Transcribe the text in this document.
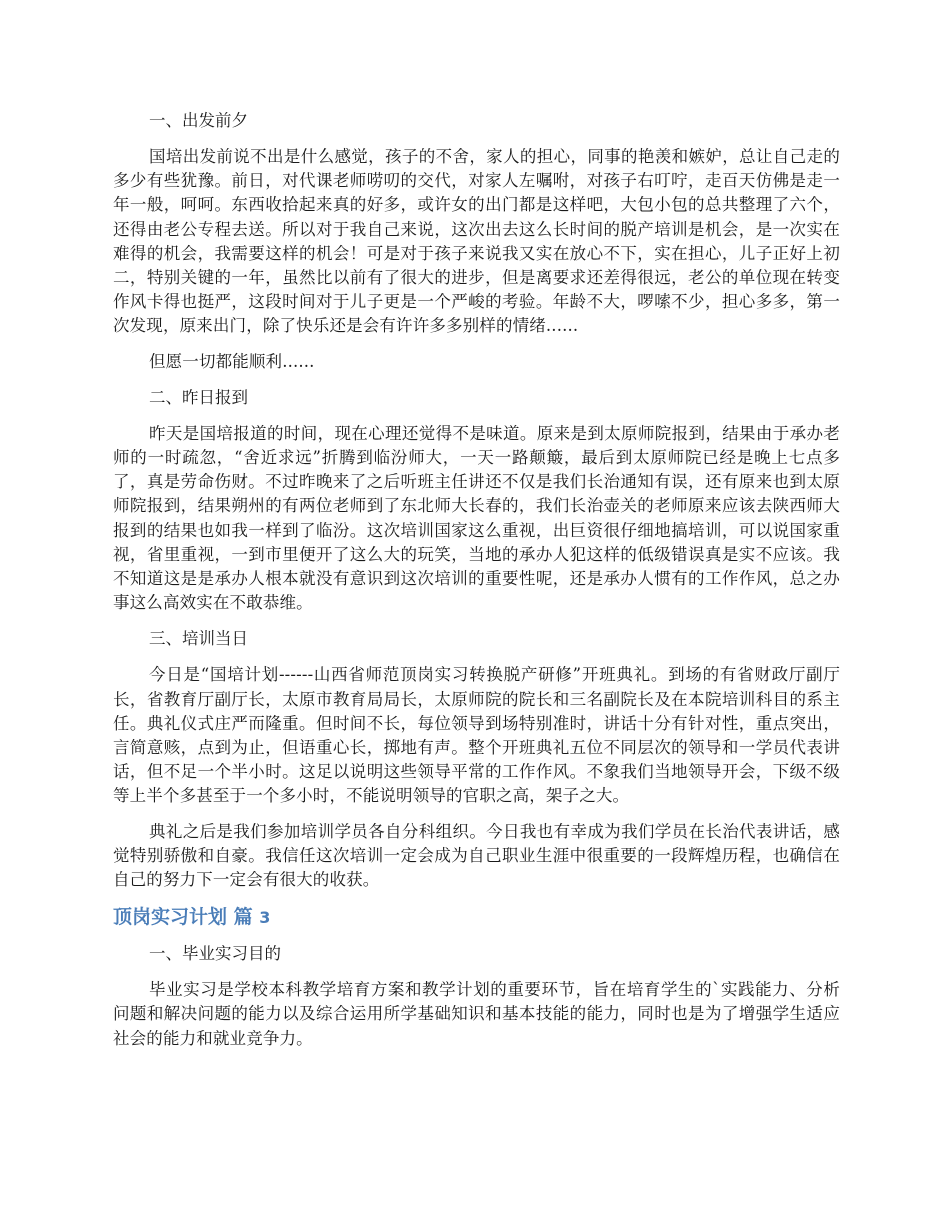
一、出发前夕

国培出发前说不出是什么感觉，孩子的不舍，家人的担心，同事的艳羡和嫉妒，总让自己走的多少有些犹豫。前日，对代课老师唠叨的交代，对家人左嘱咐，对孩子右叮咛，走百天仿佛是走一年一般，呵呵。东西收拾起来真的好多，或许女的出门都是这样吧，大包小包的总共整理了六个，还得由老公专程去送。所以对于我自己来说，这次出去这么长时间的脱产培训是机会，是一次实在难得的机会，我需要这样的机会！可是对于孩子来说我又实在放心不下，实在担心，儿子正好上初二，特别关键的一年，虽然比以前有了很大的进步，但是离要求还差得很远，老公的单位现在转变作风卡得也挺严，这段时间对于儿子更是一个严峻的考验。年龄不大，啰嗦不少，担心多多，第一次发现，原来出门，除了快乐还是会有许许多多别样的情绪......

但愿一切都能顺利......

二、昨日报到

昨天是国培报道的时间，现在心理还觉得不是味道。原来是到太原师院报到，结果由于承办老师的一时疏忽，“舍近求远”折腾到临汾师大，一天一路颠簸，最后到太原师院已经是晚上七点多了，真是劳命伤财。不过昨晚来了之后听班主任讲还不仅是我们长治通知有误，还有原来也到太原师院报到，结果朔州的有两位老师到了东北师大长春的，我们长治壶关的老师原来应该去陕西师大报到的结果也如我一样到了临汾。这次培训国家这么重视，出巨资很仔细地搞培训，可以说国家重视，省里重视，一到市里便开了这么大的玩笑，当地的承办人犯这样的低级错误真是实不应该。我不知道这是是承办人根本就没有意识到这次培训的重要性呢，还是承办人惯有的工作作风，总之办事这么高效实在不敢恭维。

三、培训当日

今日是“国培计划------山西省师范顶岗实习转换脱产研修”开班典礼。到场的有省财政厅副厅长，省教育厅副厅长，太原市教育局局长，太原师院的院长和三名副院长及在本院培训科目的系主任。典礼仪式庄严而隆重。但时间不长，每位领导到场特别准时，讲话十分有针对性，重点突出，言简意赅，点到为止，但语重心长，掷地有声。整个开班典礼五位不同层次的领导和一学员代表讲话，但不足一个半小时。这足以说明这些领导平常的工作作风。不象我们当地领导开会，下级不级等上半个多甚至于一个多小时，不能说明领导的官职之高，架子之大。

典礼之后是我们参加培训学员各自分科组织。今日我也有幸成为我们学员在长治代表讲话，感觉特别骄傲和自豪。我信任这次培训一定会成为自己职业生涯中很重要的一段辉煌历程，也确信在自己的努力下一定会有很大的收获。

顶岗实习计划 篇 3
一、毕业实习目的

毕业实习是学校本科教学培育方案和教学计划的重要环节，旨在培育学生的`实践能力、分析问题和解决问题的能力以及综合运用所学基础知识和基本技能的能力，同时也是为了增强学生适应社会的能力和就业竞争力。
